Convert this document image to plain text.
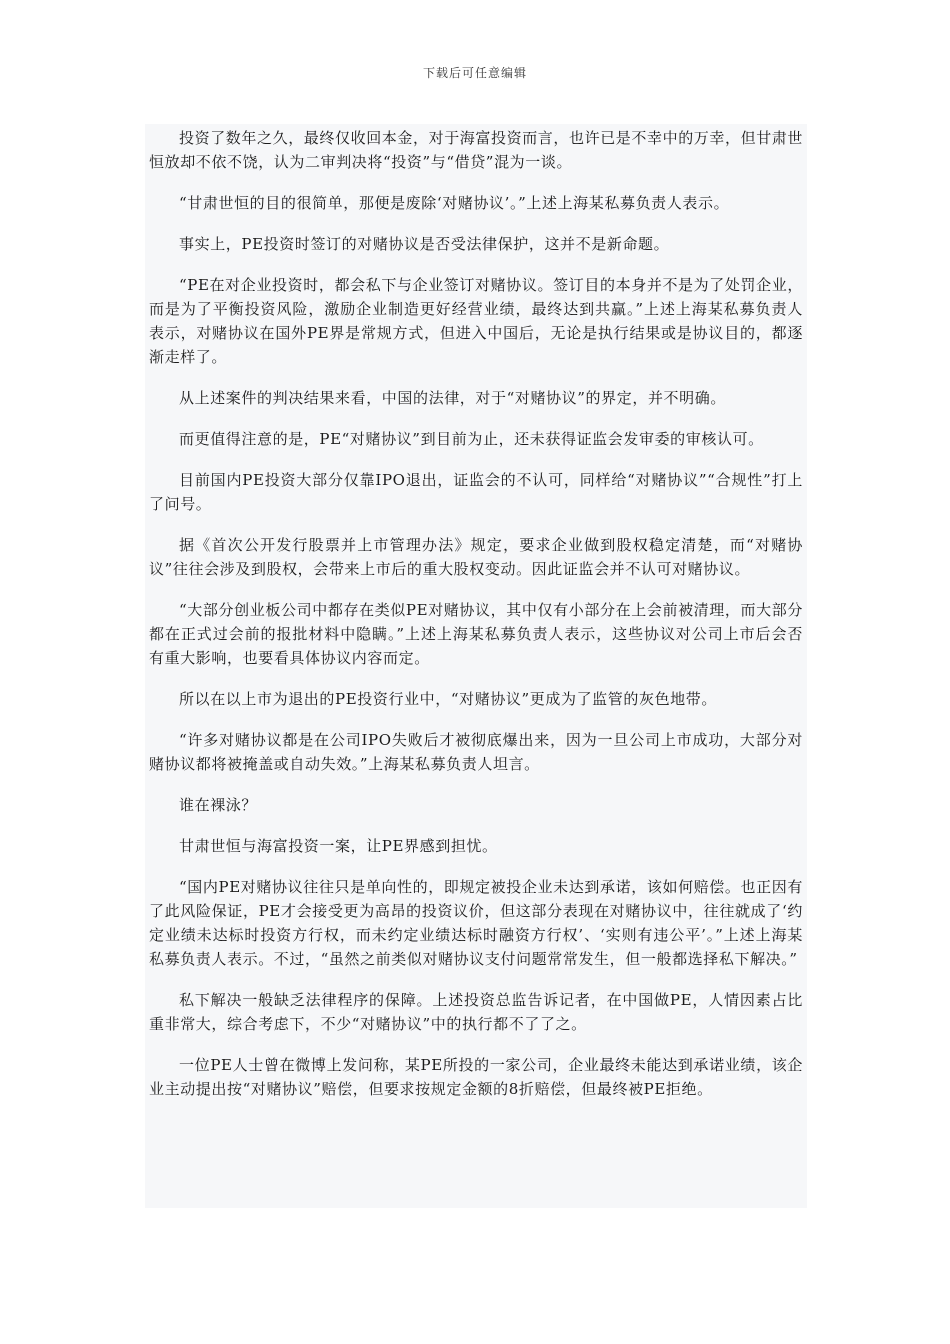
下载后可任意编辑

投资了数年之久，最终仅收回本金，对于海富投资而言，也许已是不幸中的万幸，但甘肃世恒放却不依不饶，认为二审判决将“投资”与“借贷”混为一谈。

“甘肃世恒的目的很简单，那便是废除‘对赌协议’。”上述上海某私募负责人表示。

事实上，PE投资时签订的对赌协议是否受法律保护，这并不是新命题。

“PE在对企业投资时，都会私下与企业签订对赌协议。签订目的本身并不是为了处罚企业，而是为了平衡投资风险，激励企业制造更好经营业绩，最终达到共赢。”上述上海某私募负责人表示，对赌协议在国外PE界是常规方式，但进入中国后，无论是执行结果或是协议目的，都逐渐走样了。

从上述案件的判决结果来看，中国的法律，对于“对赌协议”的界定，并不明确。

而更值得注意的是，PE“对赌协议”到目前为止，还未获得证监会发审委的审核认可。

目前国内PE投资大部分仅靠IPO退出，证监会的不认可，同样给“对赌协议”“合规性”打上了问号。

据《首次公开发行股票并上市管理办法》规定，要求企业做到股权稳定清楚，而“对赌协议”往往会涉及到股权，会带来上市后的重大股权变动。因此证监会并不认可对赌协议。

“大部分创业板公司中都存在类似PE对赌协议，其中仅有小部分在上会前被清理，而大部分都在正式过会前的报批材料中隐瞒。”上述上海某私募负责人表示，这些协议对公司上市后会否有重大影响，也要看具体协议内容而定。

所以在以上市为退出的PE投资行业中，“对赌协议”更成为了监管的灰色地带。

“许多对赌协议都是在公司IPO失败后才被彻底爆出来，因为一旦公司上市成功，大部分对赌协议都将被掩盖或自动失效。”上海某私募负责人坦言。

谁在裸泳？

甘肃世恒与海富投资一案，让PE界感到担忧。

“国内PE对赌协议往往只是单向性的，即规定被投企业未达到承诺，该如何赔偿。也正因有了此风险保证，PE才会接受更为高昂的投资议价，但这部分表现在对赌协议中，往往就成了‘约定业绩未达标时投资方行权，而未约定业绩达标时融资方行权’、‘实则有违公平’。”上述上海某私募负责人表示。不过，“虽然之前类似对赌协议支付问题常常发生，但一般都选择私下解决。”

私下解决一般缺乏法律程序的保障。上述投资总监告诉记者，在中国做PE，人情因素占比重非常大，综合考虑下，不少“对赌协议”中的执行都不了了之。

一位PE人士曾在微博上发问称，某PE所投的一家公司，企业最终未能达到承诺业绩，该企业主动提出按“对赌协议”赔偿，但要求按规定金额的8折赔偿，但最终被PE拒绝。
